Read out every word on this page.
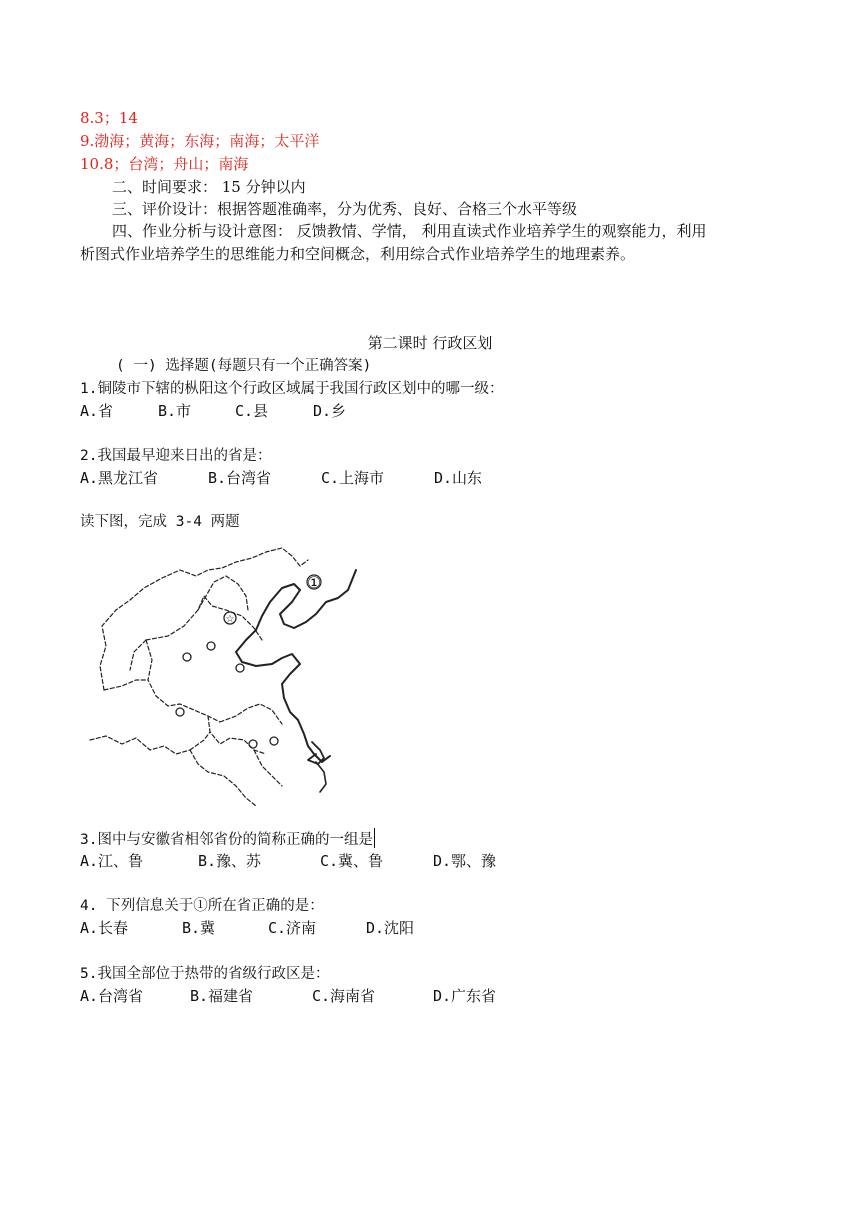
8.3；14
9.渤海；黄海；东海；南海；太平洋
10.8；台湾；舟山；南海
二、时间要求： 15 分钟以内
三、评价设计：根据答题准确率，分为优秀、良好、合格三个水平等级
四、作业分析与设计意图： 反馈教情、学情， 利用直读式作业培养学生的观察能力，利用
析图式作业培养学生的思维能力和空间概念，利用综合式作业培养学生的地理素养。
第二课时 行政区划
( 一) 选择题(每题只有一个正确答案)
1.铜陵市下辖的枞阳这个行政区域属于我国行政区划中的哪一级：
A.省	B.市	C.县	D.乡
2.我国最早迎来日出的省是：
A.黑龙江省	B.台湾省	C.上海市	D.山东
读下图，完成 3-4 两题
☆
①
3.图中与安徽省相邻省份的简称正确的一组是
A.江、鲁	B.豫、苏	C.冀、鲁	D.鄂、豫
4. 下列信息关于①所在省正确的是：
A.长春	B.冀	C.济南	D.沈阳
5.我国全部位于热带的省级行政区是：
A.台湾省	B.福建省	C.海南省	D.广东省
